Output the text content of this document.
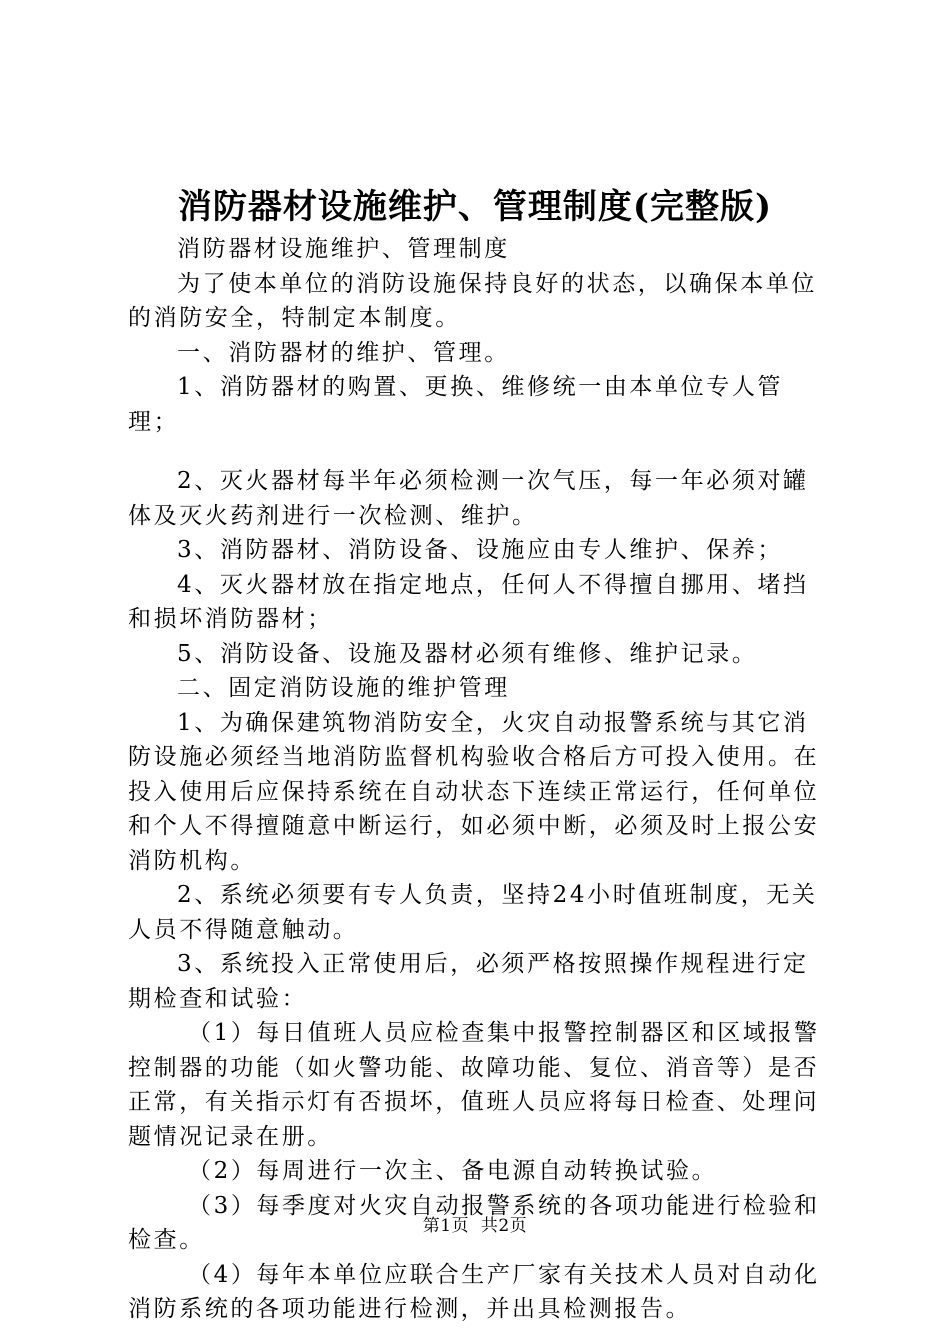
消防器材设施维护、管理制度(完整版)

消防器材设施维护、管理制度

为了使本单位的消防设施保持良好的状态，以确保本单位的消防安全，特制定本制度。

一、消防器材的维护、管理。

1、消防器材的购置、更换、维修统一由本单位专人管理；

2、灭火器材每半年必须检测一次气压，每一年必须对罐体及灭火药剂进行一次检测、维护。

3、消防器材、消防设备、设施应由专人维护、保养；

4、灭火器材放在指定地点，任何人不得擅自挪用、堵挡和损坏消防器材；

5、消防设备、设施及器材必须有维修、维护记录。

二、固定消防设施的维护管理

1、为确保建筑物消防安全，火灾自动报警系统与其它消防设施必须经当地消防监督机构验收合格后方可投入使用。在投入使用后应保持系统在自动状态下连续正常运行，任何单位和个人不得擅随意中断运行，如必须中断，必须及时上报公安消防机构。

2、系统必须要有专人负责，坚持24小时值班制度，无关人员不得随意触动。

3、系统投入正常使用后，必须严格按照操作规程进行定期检查和试验：

（1）每日值班人员应检查集中报警控制器区和区域报警控制器的功能（如火警功能、故障功能、复位、消音等）是否正常，有关指示灯有否损坏，值班人员应将每日检查、处理问题情况记录在册。

（2）每周进行一次主、备电源自动转换试验。

（3）每季度对火灾自动报警系统的各项功能进行检验和检查。

（4）每年本单位应联合生产厂家有关技术人员对自动化消防系统的各项功能进行检测，并出具检测报告。

第1页 共2页
